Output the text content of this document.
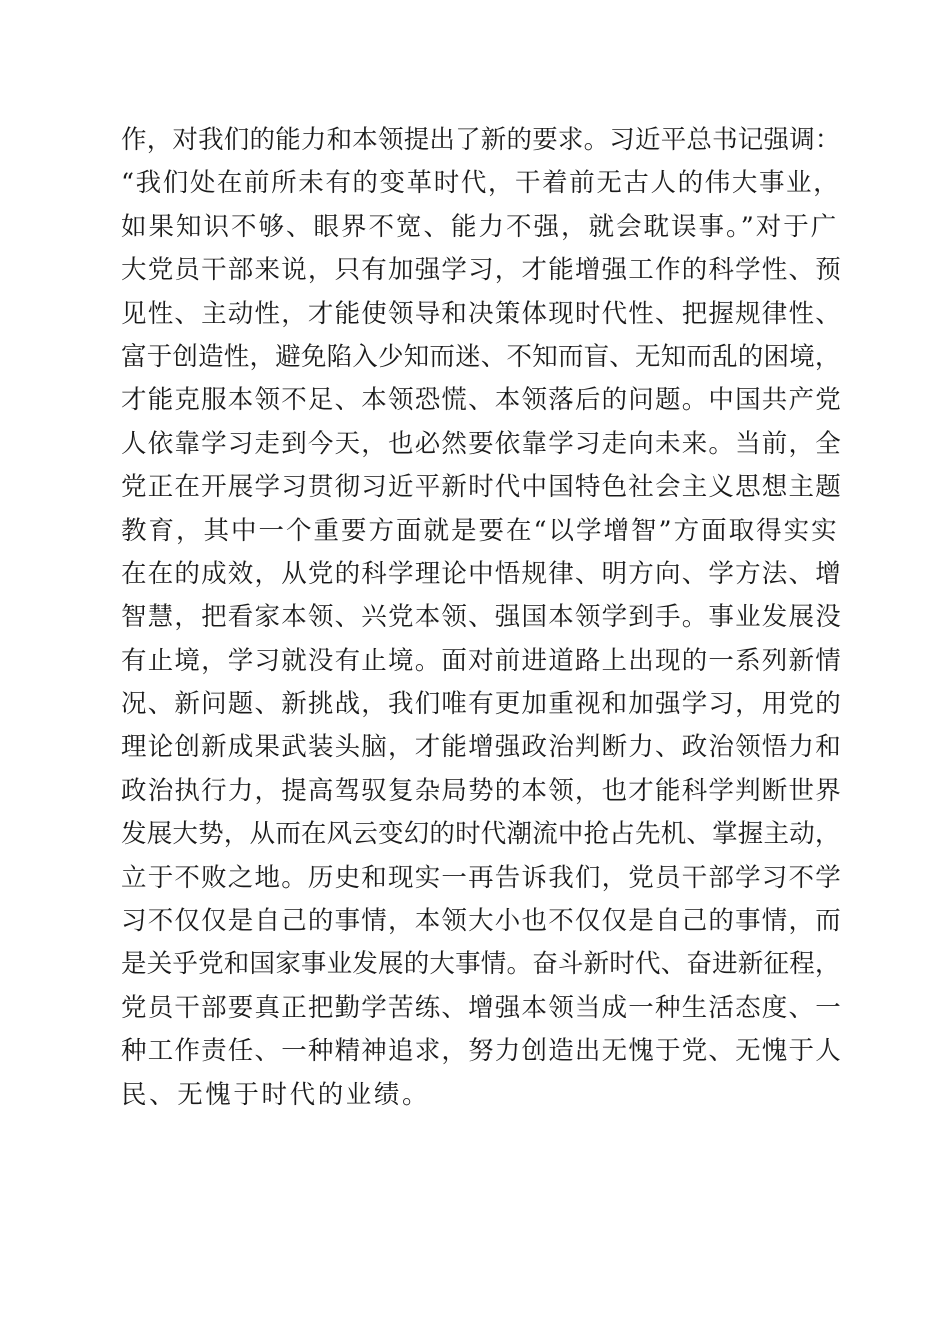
作，对我们的能力和本领提出了新的要求。习近平总书记强调：
“我们处在前所未有的变革时代，干着前无古人的伟大事业，
如果知识不够、眼界不宽、能力不强，就会耽误事。”对于广
大党员干部来说，只有加强学习，才能增强工作的科学性、预
见性、主动性，才能使领导和决策体现时代性、把握规律性、
富于创造性，避免陷入少知而迷、不知而盲、无知而乱的困境，
才能克服本领不足、本领恐慌、本领落后的问题。中国共产党
人依靠学习走到今天，也必然要依靠学习走向未来。当前，全
党正在开展学习贯彻习近平新时代中国特色社会主义思想主题
教育，其中一个重要方面就是要在“以学增智”方面取得实实
在在的成效，从党的科学理论中悟规律、明方向、学方法、增
智慧，把看家本领、兴党本领、强国本领学到手。事业发展没
有止境，学习就没有止境。面对前进道路上出现的一系列新情
况、新问题、新挑战，我们唯有更加重视和加强学习，用党的
理论创新成果武装头脑，才能增强政治判断力、政治领悟力和
政治执行力，提高驾驭复杂局势的本领，也才能科学判断世界
发展大势，从而在风云变幻的时代潮流中抢占先机、掌握主动，
立于不败之地。历史和现实一再告诉我们，党员干部学习不学
习不仅仅是自己的事情，本领大小也不仅仅是自己的事情，而
是关乎党和国家事业发展的大事情。奋斗新时代、奋进新征程，
党员干部要真正把勤学苦练、增强本领当成一种生活态度、一
种工作责任、一种精神追求，努力创造出无愧于党、无愧于人
民、无愧于时代的业绩。
